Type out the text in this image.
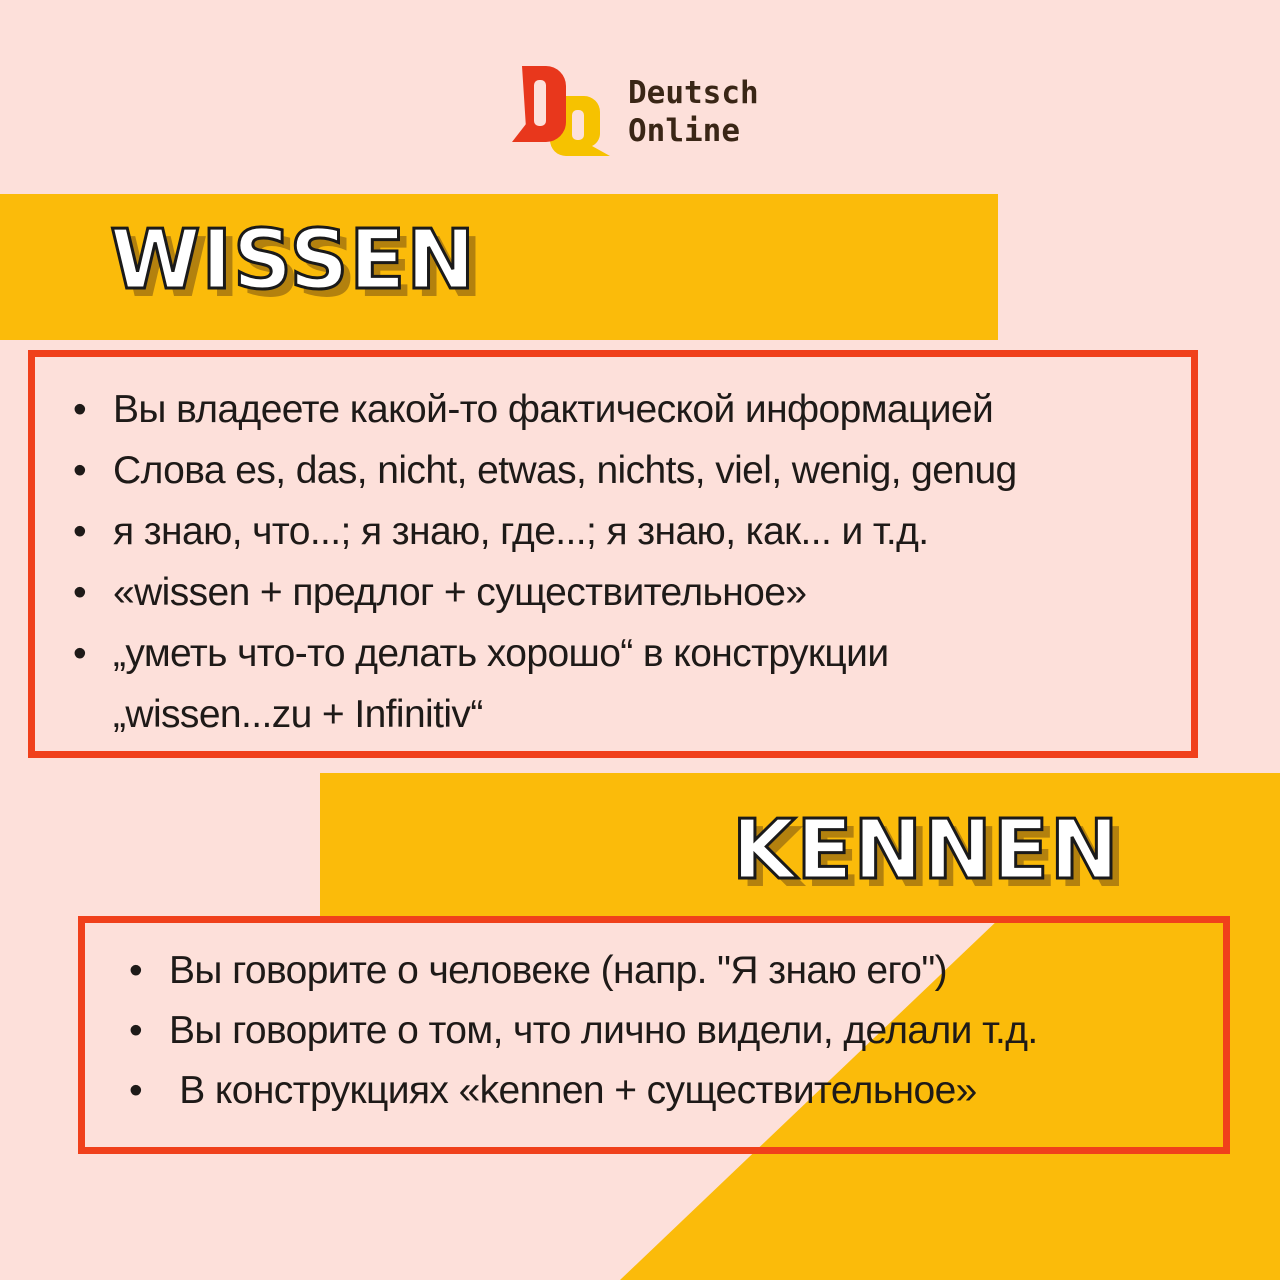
Deutsch
Online

WISSEN
• Вы владеете какой-то фактической информацией
• Слова es, das, nicht, etwas, nichts, viel, wenig, genug
• я знаю, что...; я знаю, где...; я знаю, как... и т.д.
• «wissen + предлог + существительное»
• „уметь что-то делать хорошо“ в конструкции
„wissen...zu + Infinitiv“
KENNEN
• Вы говорите о человеке (напр. "Я знаю его")
• Вы говорите о том, что лично видели, делали т.д.
•  В конструкциях «kennen + существительное»
